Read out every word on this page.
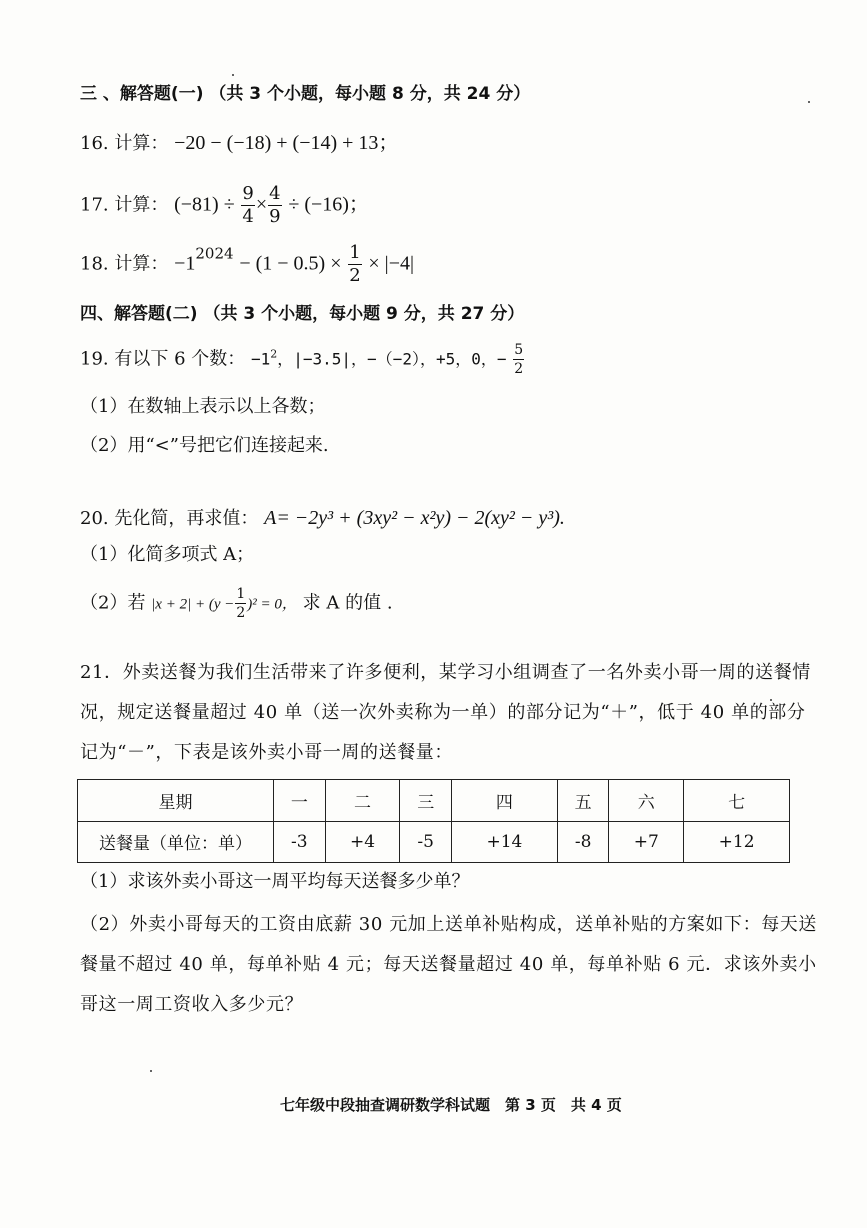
三 、解答题(一) （共 3 个小题，每小题 8 分，共 24 分）
16. 计算： −20 − (−18) + (−14) + 13；
17. 计算： $(-81) \div \frac{9}{4} \times \frac{4}{9} \div (-16)$；
18. 计算： $-1^{2024} - (1 - 0.5) \times \frac{1}{2} \times |-4|$
四、解答题(二) （共 3 个小题，每小题 9 分，共 27 分）
19. 有以下 6 个数： $-1^2$，|−3.5|，−（−2），+5，0，− $\frac{5}{2}$
（1）在数轴上表示以上各数；
（2）用“<”号把它们连接起来.
20. 先化简，再求值： A= −2y³ + (3xy² − x²y) − 2(xy² − y³).
（1）化简多项式 A；
（2）若 $|x + 2| + (y - \frac{1}{2} )^2 = 0$， 求 A 的值 .
21．外卖送餐为我们生活带来了许多便利，某学习小组调查了一名外卖小哥一周的送餐情况，规定送餐量超过 40 单（送一次外卖称为一单）的部分记为“＋”，低于 40 单的部分记为“－”，下表是该外卖小哥一周的送餐量：
星期	一	二	三	四	五	六	七
送餐量（单位：单）	-3	+4	-5	+14	-8	+7	+12
（1）求该外卖小哥这一周平均每天送餐多少单？
（2）外卖小哥每天的工资由底薪 30 元加上送单补贴构成，送单补贴的方案如下：每天送餐量不超过 40 单，每单补贴 4 元；每天送餐量超过 40 单，每单补贴 6 元．求该外卖小哥这一周工资收入多少元？
七年级中段抽查调研数学科试题　第 3 页　共 4 页
